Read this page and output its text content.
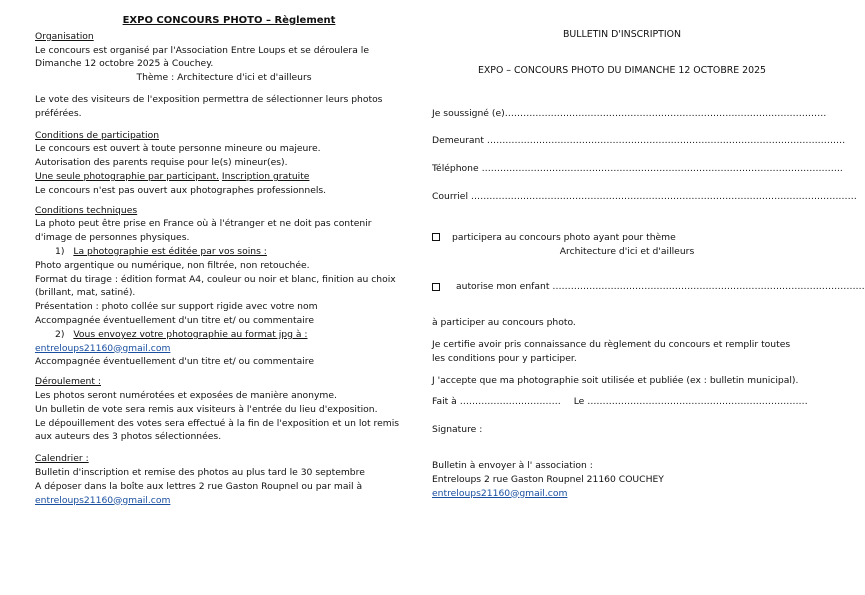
EXPO CONCOURS PHOTO – Règlement
Organisation
Le concours est organisé par l'Association Entre Loups et se déroulera le
Dimanche 12 octobre 2025 à Couchey.
Thème : Architecture d'ici et d'ailleurs
Le vote des visiteurs de l'exposition permettra de sélectionner leurs photos
préférées.
Conditions de participation
Le concours est ouvert à toute personne mineure ou majeure.
Autorisation des parents requise pour le(s) mineur(es).
Une seule photographie par participant. Inscription gratuite
Le concours n'est pas ouvert aux photographes professionnels.
Conditions techniques
La photo peut être prise en France où à l'étranger et ne doit pas contenir
d'image de personnes physiques.
1) La photographie est éditée par vos soins :
Photo argentique ou numérique, non filtrée, non retouchée.
Format du tirage : édition format A4, couleur ou noir et blanc, finition au choix
(brillant, mat, satiné).
Présentation : photo collée sur support rigide avec votre nom
Accompagnée éventuellement d'un titre et/ ou commentaire
2) Vous envoyez votre photographie au format jpg à :
entreloups21160@gmail.com
Accompagnée éventuellement d'un titre et/ ou commentaire
Déroulement :
Les photos seront numérotées et exposées de manière anonyme.
Un bulletin de vote sera remis aux visiteurs à l'entrée du lieu d'exposition.
Le dépouillement des votes sera effectué à la fin de l'exposition et un lot remis
aux auteurs des 3 photos sélectionnées.
Calendrier :
Bulletin d'inscription et remise des photos au plus tard le 30 septembre
A déposer dans la boîte aux lettres 2 rue Gaston Roupnel ou par mail à
entreloups21160@gmail.com
BULLETIN D'INSCRIPTION
EXPO – CONCOURS PHOTO DU DIMANCHE 12 OCTOBRE 2025
Je soussigné (e)……………………………………………………………………………………………
Demeurant ………………………………………………………………………………………………………
Téléphone ……………………………………………………………………………………………………….
Courriel ………………………………………………………………………………………………………………
participera au concours photo ayant pour thème
Architecture d'ici et d'ailleurs
autorise mon enfant …………………………………………………………………………………………
à participer au concours photo.
Je certifie avoir pris connaissance du règlement du concours et remplir toutes
les conditions pour y participer.
J 'accepte que ma photographie soit utilisée et publiée (ex : bulletin municipal).
Fait à …………………………… Le ………………………………………………………………
Signature :
Bulletin à envoyer à l' association :
Entreloups 2 rue Gaston Roupnel 21160 COUCHEY
entreloups21160@gmail.com
